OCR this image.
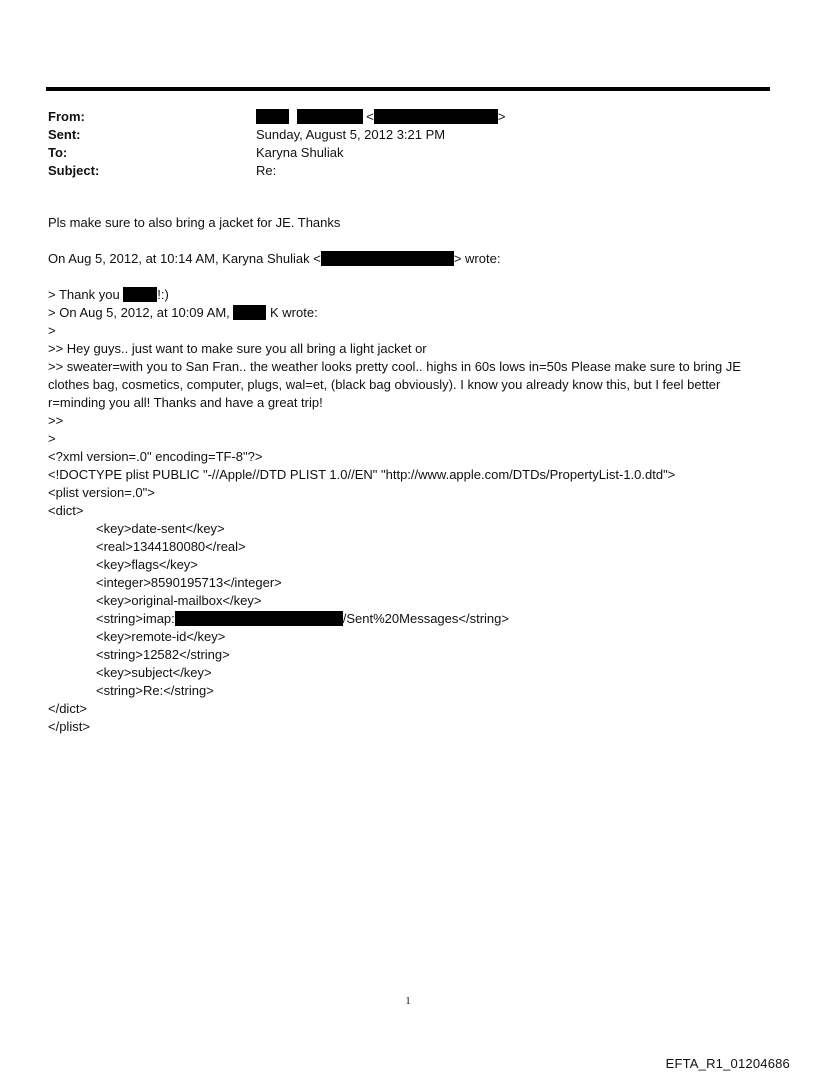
From:	<	>
Sent:	Sunday, August 5, 2012 3:21 PM
To:	Karyna Shuliak
Subject:	Re:
Pls make sure to also bring a jacket for JE. Thanks
On Aug 5, 2012, at 10:14 AM, Karyna Shuliak <	> wrote:
> Thank you	!:)
> On Aug 5, 2012, at 10:09 AM,	K wrote:
>
>> Hey guys.. just want to make sure you all bring a light jacket or
>> sweater=with you to San Fran.. the weather looks pretty cool.. highs in 60s lows in=50s Please make sure to bring JE clothes bag, cosmetics, computer, plugs, wal=et, (black bag obviously). I know you already know this, but I feel better r=minding you all! Thanks and have a great trip!
>>
>
<?xml version=.0" encoding=TF-8"?>
<!DOCTYPE plist PUBLIC "-//Apple//DTD PLIST 1.0//EN" "http://www.apple.com/DTDs/PropertyList-1.0.dtd">
<plist version=.0">
<dict>
<key>date-sent</key>
<real>1344180080</real>
<key>flags</key>
<integer>8590195713</integer>
<key>original-mailbox</key>
<string>imap:	/Sent%20Messages</string>
<key>remote-id</key>
<string>12582</string>
<key>subject</key>
<string>Re:</string>
</dict>
</plist>
1
EFTA_R1_01204686
